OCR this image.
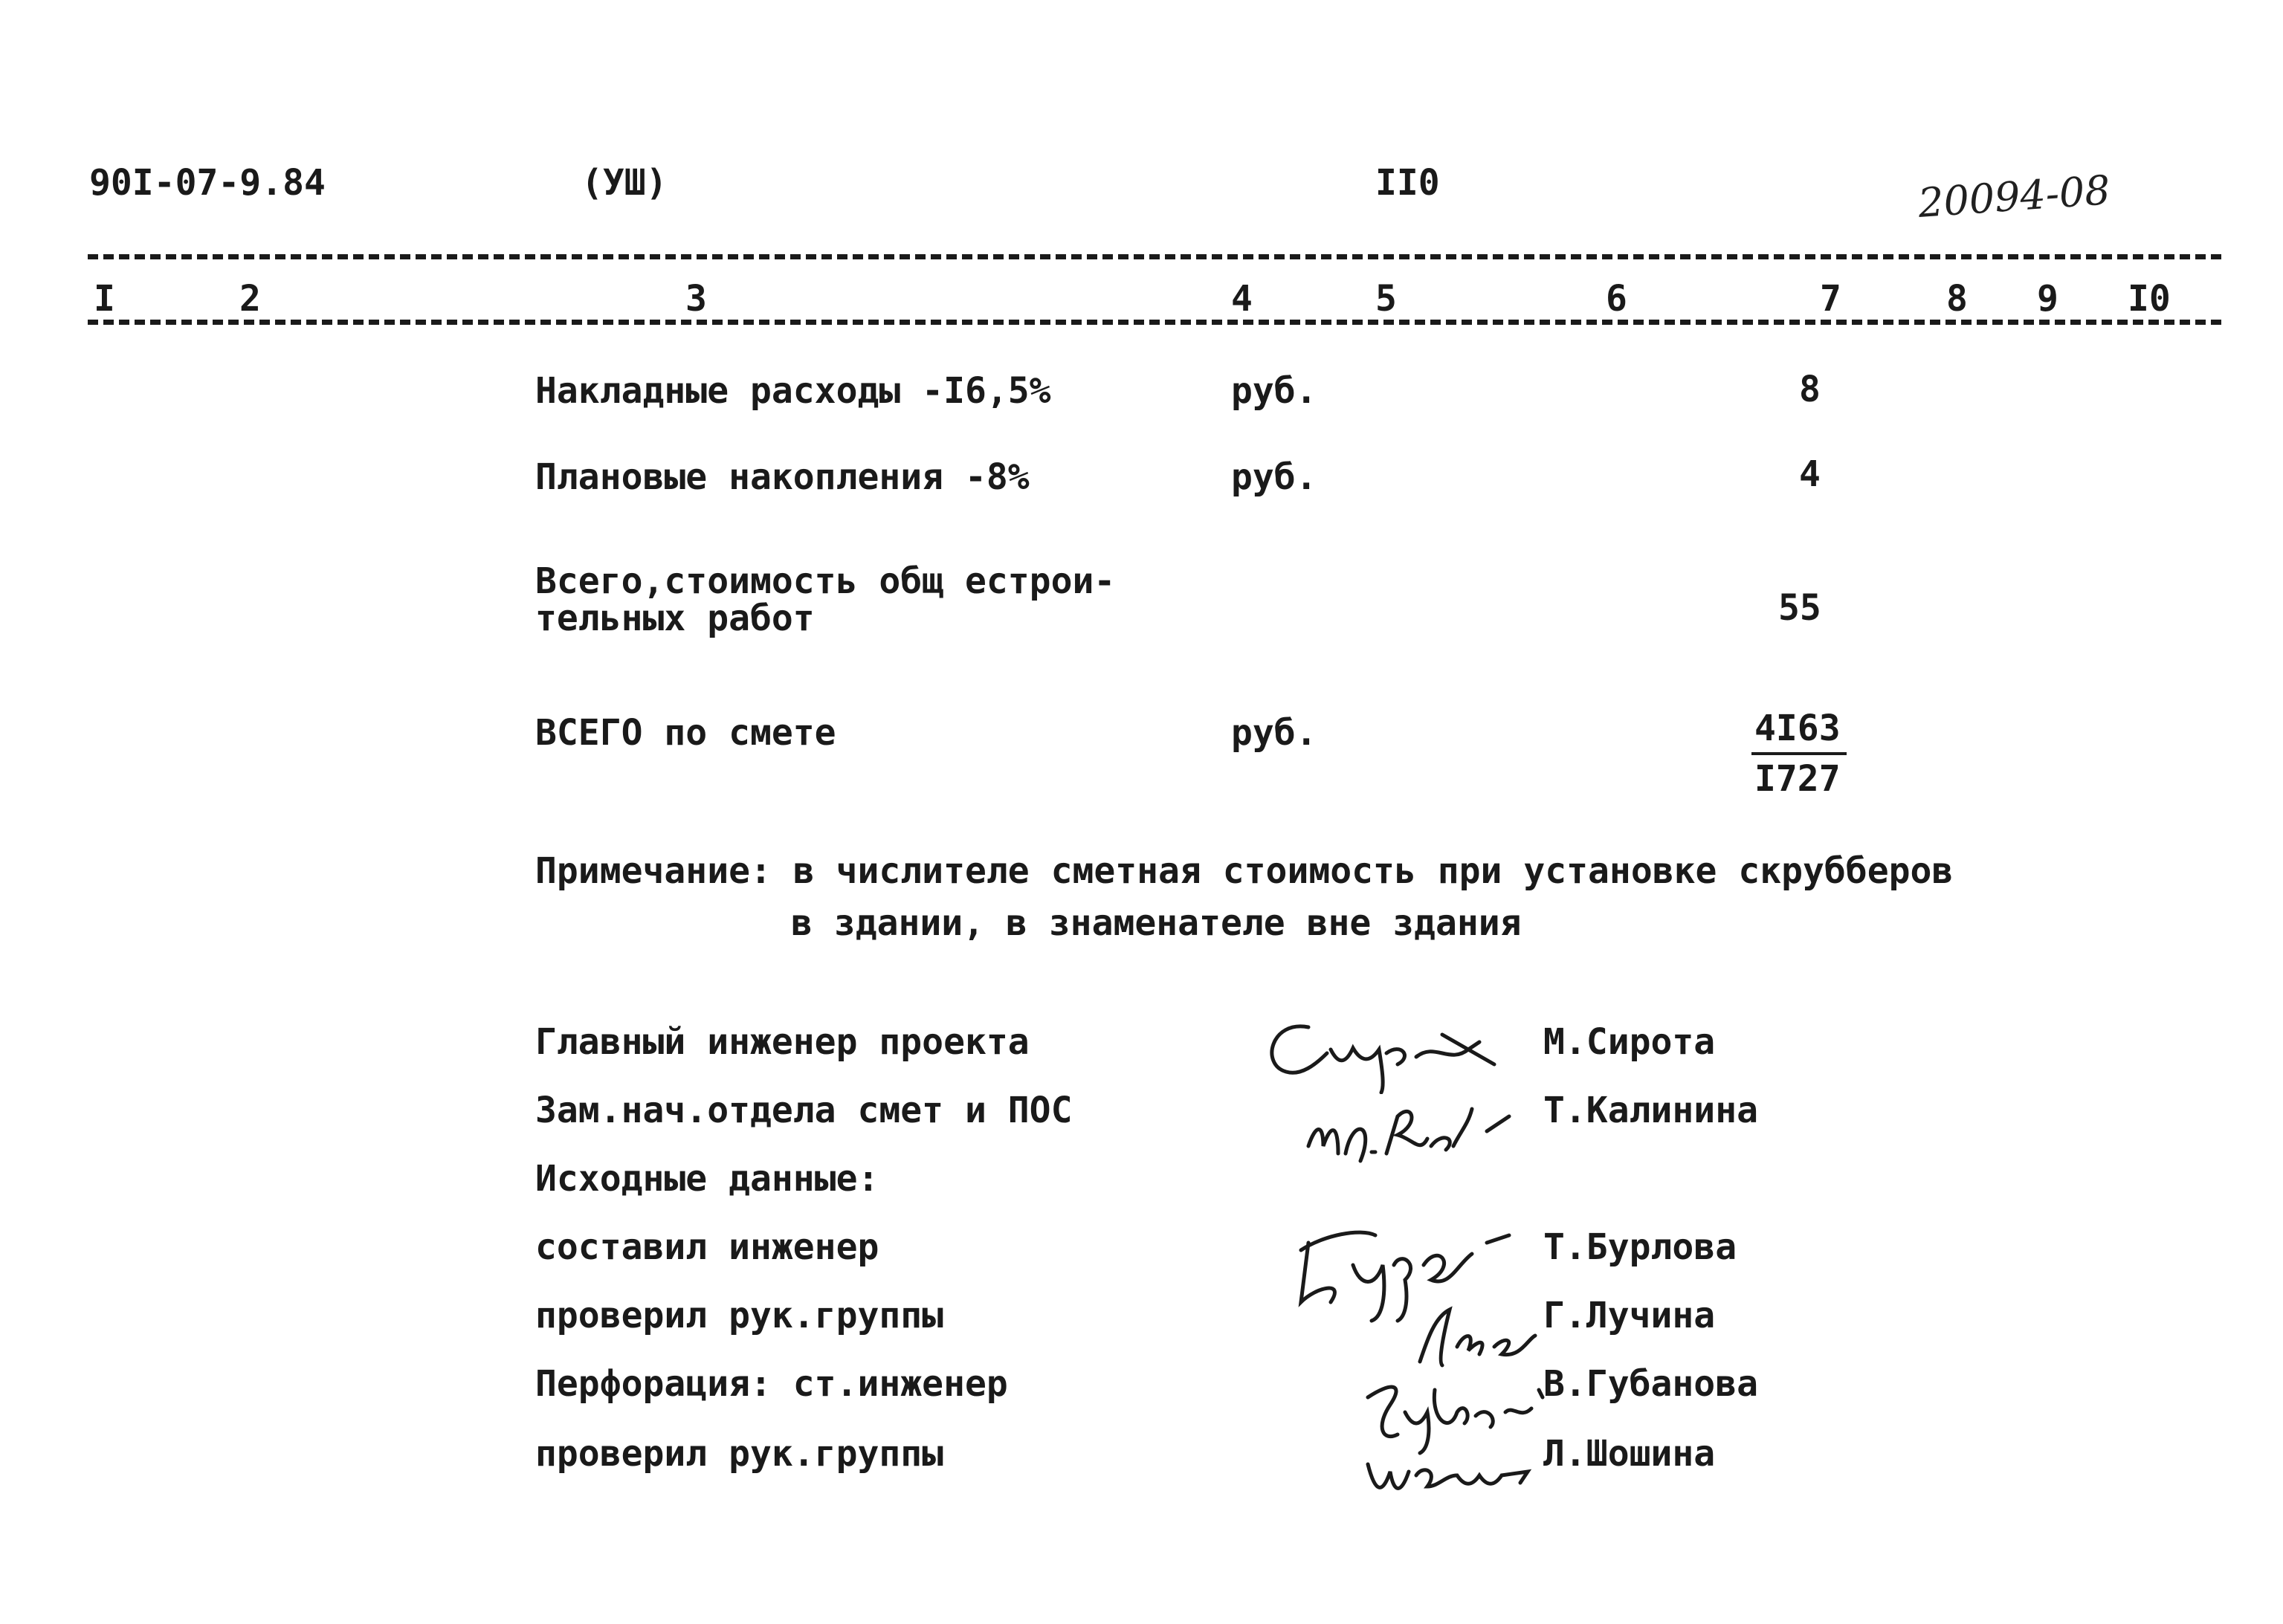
90I-07-9.84	(УШ)	II0	20094-08
I	2	3	4	5	6	7	8 9 I0
Накладные расходы -I6,5%	руб.	8
Плановые накопления -8%	руб.	4
Всего,стоимость общ естрои-
тельных работ	55
ВСЕГО по смете	руб.	4I63
I727
Примечание: в числителе сметная стоимость при установке скрубберов
в здании, в знаменателе вне здания
Главный инженер проекта	М.Сирота
Зам.нач.отдела смет и ПОС	Т.Калинина
Исходные данные:
составил инженер	Т.Бурлова
проверил рук.группы	Г.Лучина
Перфорация: ст.инженер	В.Губанова
проверил рук.группы	Л.Шошина
